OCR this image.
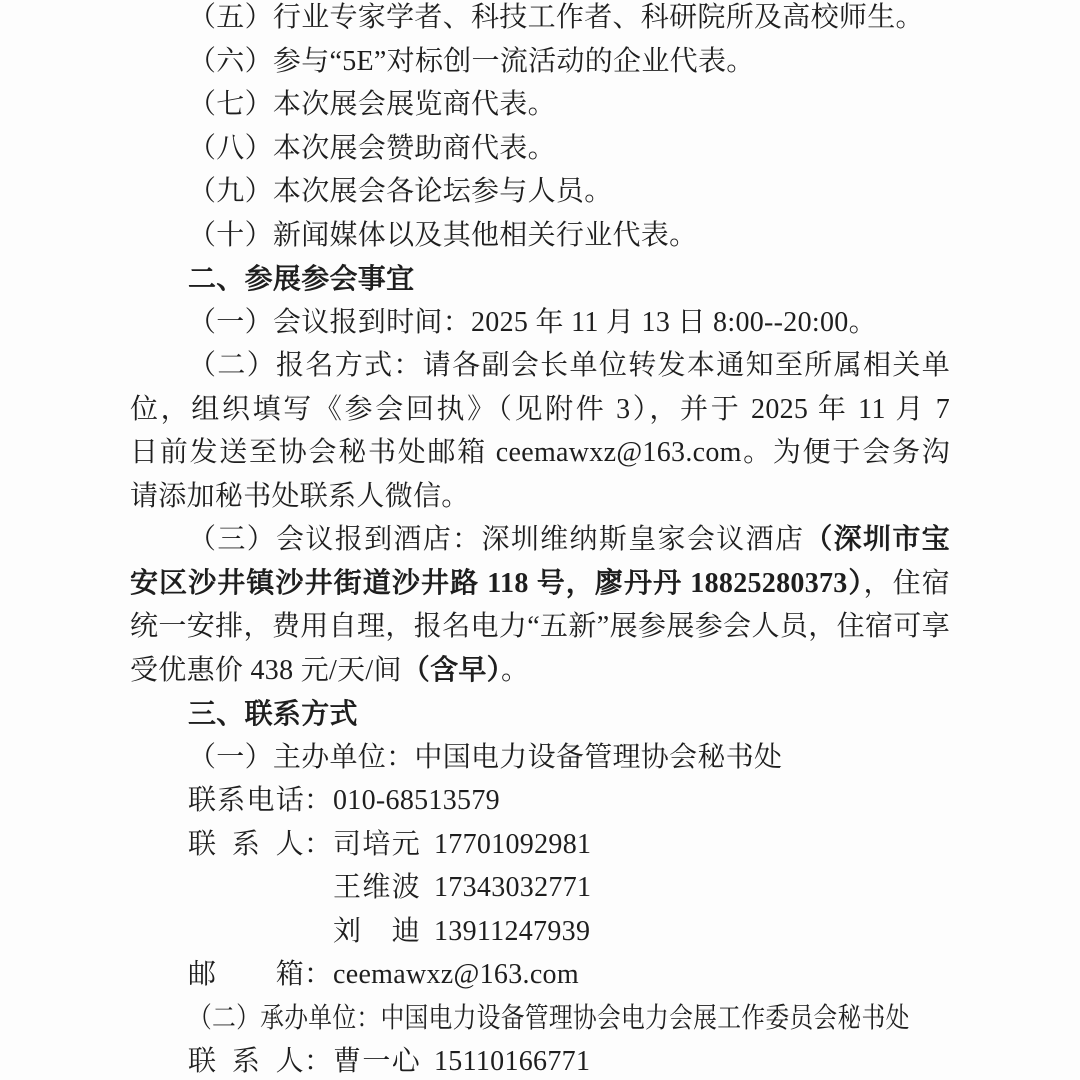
（五）行业专家学者、科技工作者、科研院所及高校师生。
（六）参与“5E”对标创一流活动的企业代表。
（七）本次展会展览商代表。
（八）本次展会赞助商代表。
（九）本次展会各论坛参与人员。
（十）新闻媒体以及其他相关行业代表。
二、参展参会事宜
（一）会议报到时间：2025 年 11 月 13 日 8:00--20:00。
（二）报名方式：请各副会长单位转发本通知至所属相关单
位，组织填写《参会回执》（见附件 3），并于 2025 年 11 月 7
日前发送至协会秘书处邮箱 ceemawxz@163.com。为便于会务沟
请添加秘书处联系人微信。
（三）会议报到酒店：深圳维纳斯皇家会议酒店（深圳市宝
安区沙井镇沙井街道沙井路 118 号，廖丹丹 18825280373），住宿
统一安排，费用自理，报名电力“五新”展参展参会人员，住宿可享
受优惠价 438 元/天/间（含早）。
三、联系方式
（一）主办单位：中国电力设备管理协会秘书处
联系电话：010-68513579
联 系 人：司培元 17701092981
王维波 17343032771
刘 迪 13911247939
邮 箱：ceemawxz@163.com
（二）承办单位：中国电力设备管理协会电力会展工作委员会秘书处
联 系 人：曹一心 15110166771
